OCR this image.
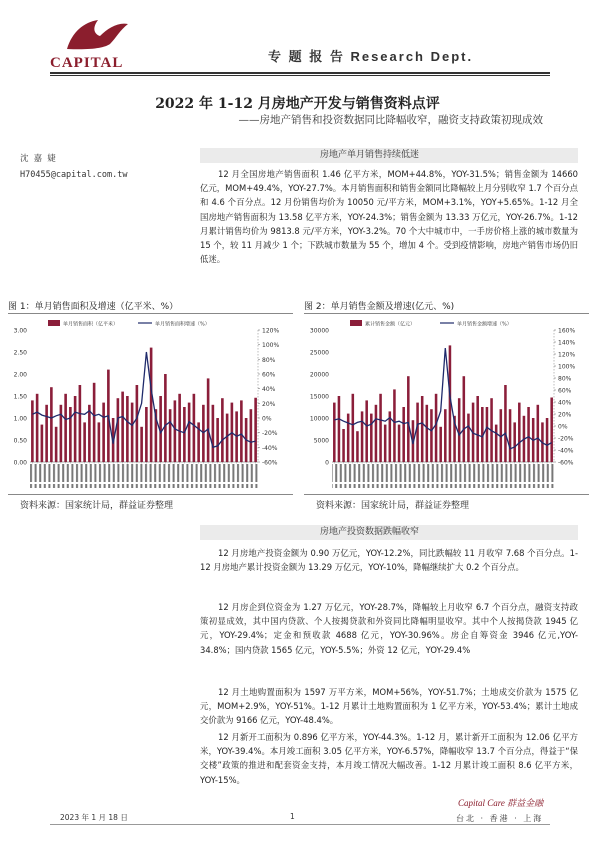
CAPITAL	专 题 报 告 Research Dept.
2022 年 1-12 月房地产开发与销售资料点评
——房地产销售和投资数据同比降幅收窄，融资支持政策初现成效
沈 嘉 婕
H70455@capital.com.tw
房地产单月销售持续低迷
12 月全国房地产销售面积 1.46 亿平方米，MOM+44.8%，YOY-31.5%；销售金额为 14660 亿元，MOM+49.4%，YOY-27.7%。本月销售面积和销售金额同比降幅较上月分别收窄 1.7 个百分点和 4.6 个百分点。12 月份销售均价为 10050 元/平方米，MOM+3.1%，YOY+5.65%。1-12 月全国房地产销售面积为 13.58 亿平方米，YOY-24.3%；销售金额为 13.33 万亿元，YOY-26.7%。1-12 月累计销售均价为 9813.8 元/平方米，YOY-3.2%。70 个大中城市中，一手房价格上涨的城市数量为 15 个，较 11 月减少 1 个；下跌城市数量为 55 个，增加 4 个。受到疫情影响，房地产销售市场仍旧低迷。
图 1：单月销售面积及增速（亿平米、%）	图 2：单月销售金额及增速(亿元、%)
3.00
2.50
2.00
1.50
1.00
0.50
0.00
120%
100%
80%
60%
40%
20%
0%
-20%
-40%
-60%
单月销售面积（亿平米）	单月销售面积增速（%）
30000
25000
20000
15000
10000
5000
0
160%
140%
120%
100%
80%
60%
40%
20%
0%
-20%
-40%
-60%
累计销售金额（亿元）	单月销售金额增速（%）
资料来源：国家统计局，群益证券整理	资料来源：国家统计局，群益证券整理
房地产投资数据跌幅收窄
12 月房地产投资金额为 0.90 万亿元，YOY-12.2%，同比跌幅较 11 月收窄 7.68 个百分点。1-12 月房地产累计投资金额为 13.29 万亿元，YOY-10%，降幅继续扩大 0.2 个百分点。
12 月房企到位资金为 1.27 万亿元，YOY-28.7%，降幅较上月收窄 6.7 个百分点，融资支持政策初显成效，其中国内贷款、个人按揭贷款和外资同比降幅明显收窄。其中个人按揭贷款 1945 亿元，YOY-29.4%；定金和预收款 4688 亿元，YOY-30.96%。房企自筹资金 3946 亿元,YOY-34.8%；国内贷款 1565 亿元，YOY-5.5%；外资 12 亿元，YOY-29.4%
12 月土地购置面积为 1597 万平方米，MOM+56%，YOY-51.7%；土地成交价款为 1575 亿元，MOM+2.9%，YOY-51%。1-12 月累计土地购置面积为 1 亿平方米，YOY-53.4%；累计土地成交价款为 9166 亿元，YOY-48.4%。
12 月新开工面积为 0.896 亿平方米，YOY-44.3%。1-12 月，累计新开工面积为 12.06 亿平方米，YOY-39.4%。本月竣工面积 3.05 亿平方米，YOY-6.57%，降幅收窄 13.7 个百分点，得益于“保交楼”政策的推进和配套资金支持，本月竣工情况大幅改善。1-12 月累计竣工面积 8.6 亿平方米，YOY-15%。
Capital Care 群益金融
2023 年 1 月 18 日	1	台北 · 香港 · 上海
